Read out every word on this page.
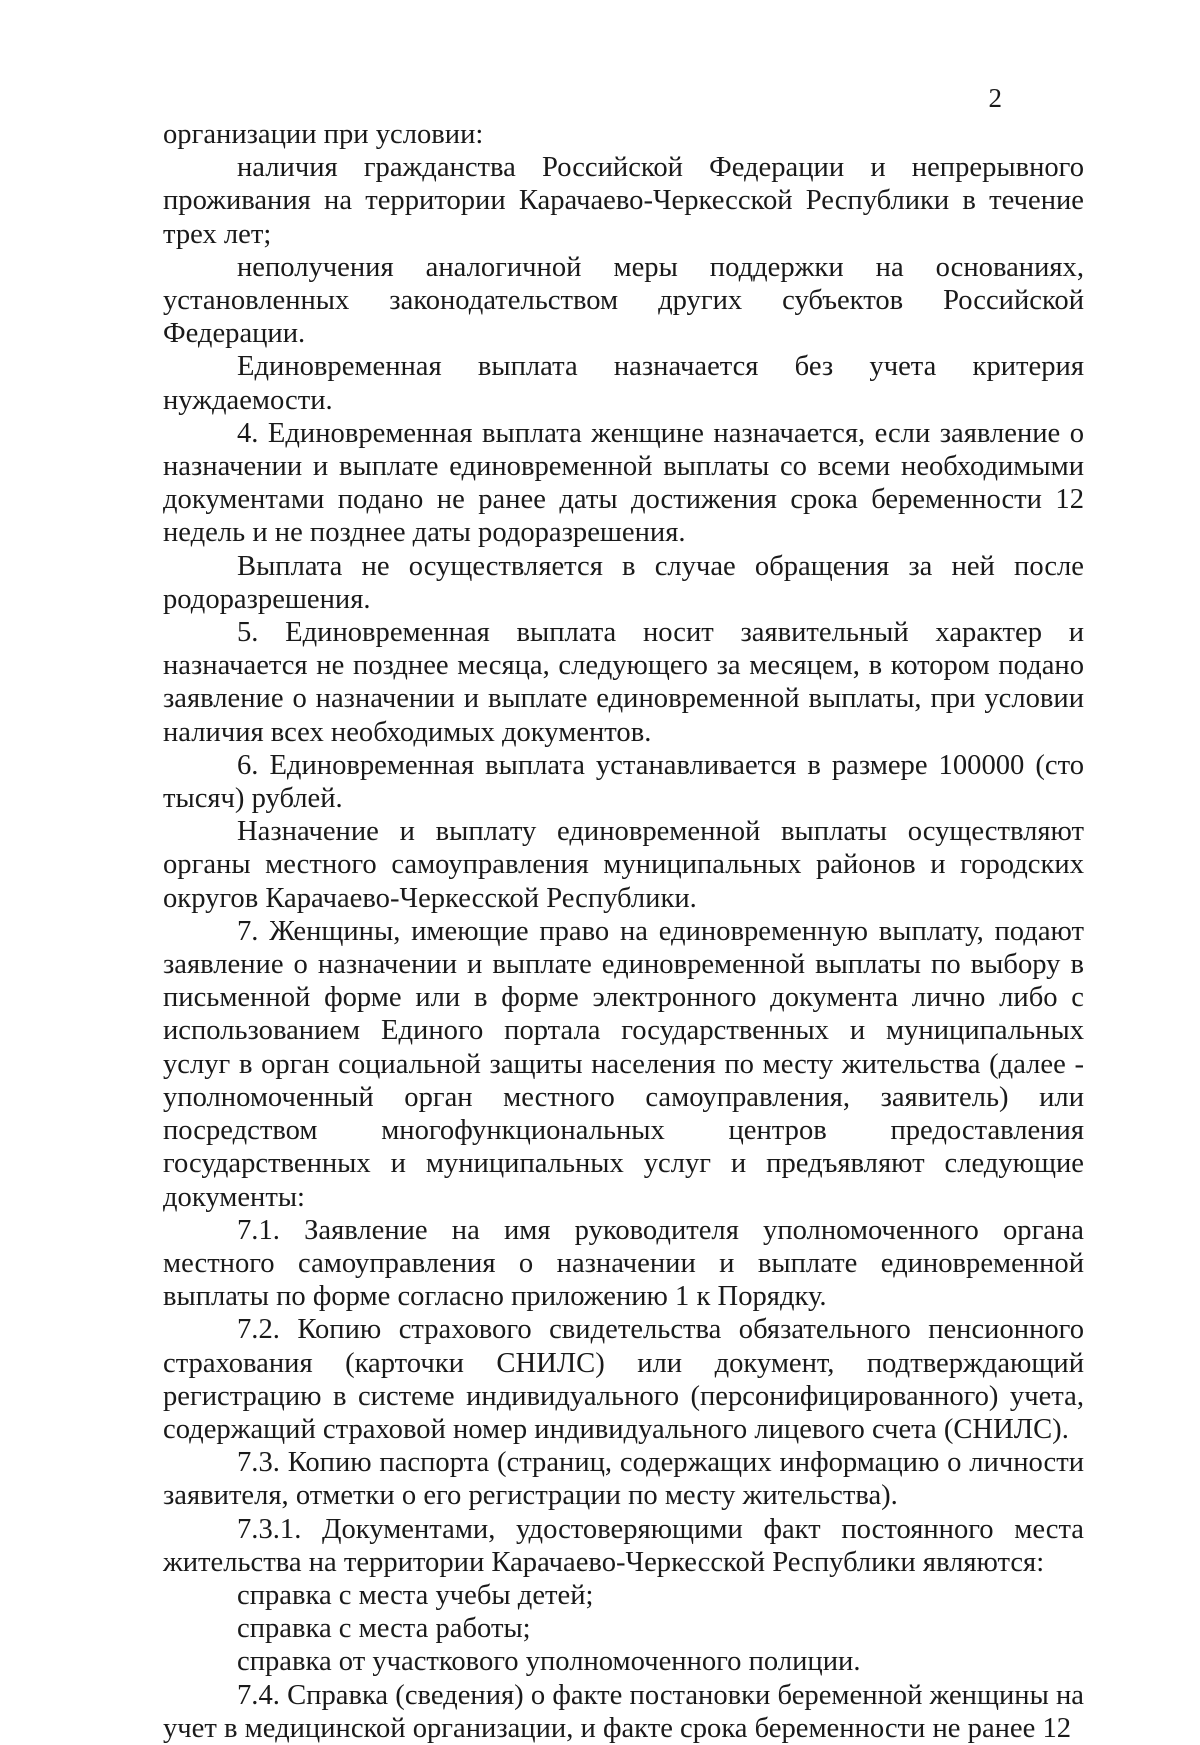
2

организации при условии:

наличия гражданства Российской Федерации и непрерывного проживания на территории Карачаево-Черкесской Республики в течение трех лет;

неполучения аналогичной меры поддержки на основаниях, установленных законодательством других субъектов Российской Федерации.

Единовременная выплата назначается без учета критерия нуждаемости.

4. Единовременная выплата женщине назначается, если заявление о назначении и выплате единовременной выплаты со всеми необходимыми документами подано не ранее даты достижения срока беременности 12 недель и не позднее даты родоразрешения.

Выплата не осуществляется в случае обращения за ней после родоразрешения.

5. Единовременная выплата носит заявительный характер и назначается не позднее месяца, следующего за месяцем, в котором подано заявление о назначении и выплате единовременной выплаты, при условии наличия всех необходимых документов.

6. Единовременная выплата устанавливается в размере 100000 (сто тысяч) рублей.

Назначение и выплату единовременной выплаты осуществляют органы местного самоуправления муниципальных районов и городских округов Карачаево-Черкесской Республики.

7. Женщины, имеющие право на единовременную выплату, подают заявление о назначении и выплате единовременной выплаты по выбору в письменной форме или в форме электронного документа лично либо с использованием Единого портала государственных и муниципальных услуг в орган социальной защиты населения по месту жительства (далее - уполномоченный орган местного самоуправления, заявитель) или посредством многофункциональных центров предоставления государственных и муниципальных услуг и предъявляют следующие документы:

7.1. Заявление на имя руководителя уполномоченного органа местного самоуправления о назначении и выплате единовременной выплаты по форме согласно приложению 1 к Порядку.

7.2. Копию страхового свидетельства обязательного пенсионного страхования (карточки СНИЛС) или документ, подтверждающий регистрацию в системе индивидуального (персонифицированного) учета, содержащий страховой номер индивидуального лицевого счета (СНИЛС).

7.3. Копию паспорта (страниц, содержащих информацию о личности заявителя, отметки о его регистрации по месту жительства).

7.3.1. Документами, удостоверяющими факт постоянного места жительства на территории Карачаево-Черкесской Республики являются:

справка с места учебы детей;

справка с места работы;

справка от участкового уполномоченного полиции.

7.4. Справка (сведения) о факте постановки беременной женщины на учет в медицинской организации, и факте срока беременности не ранее 12
